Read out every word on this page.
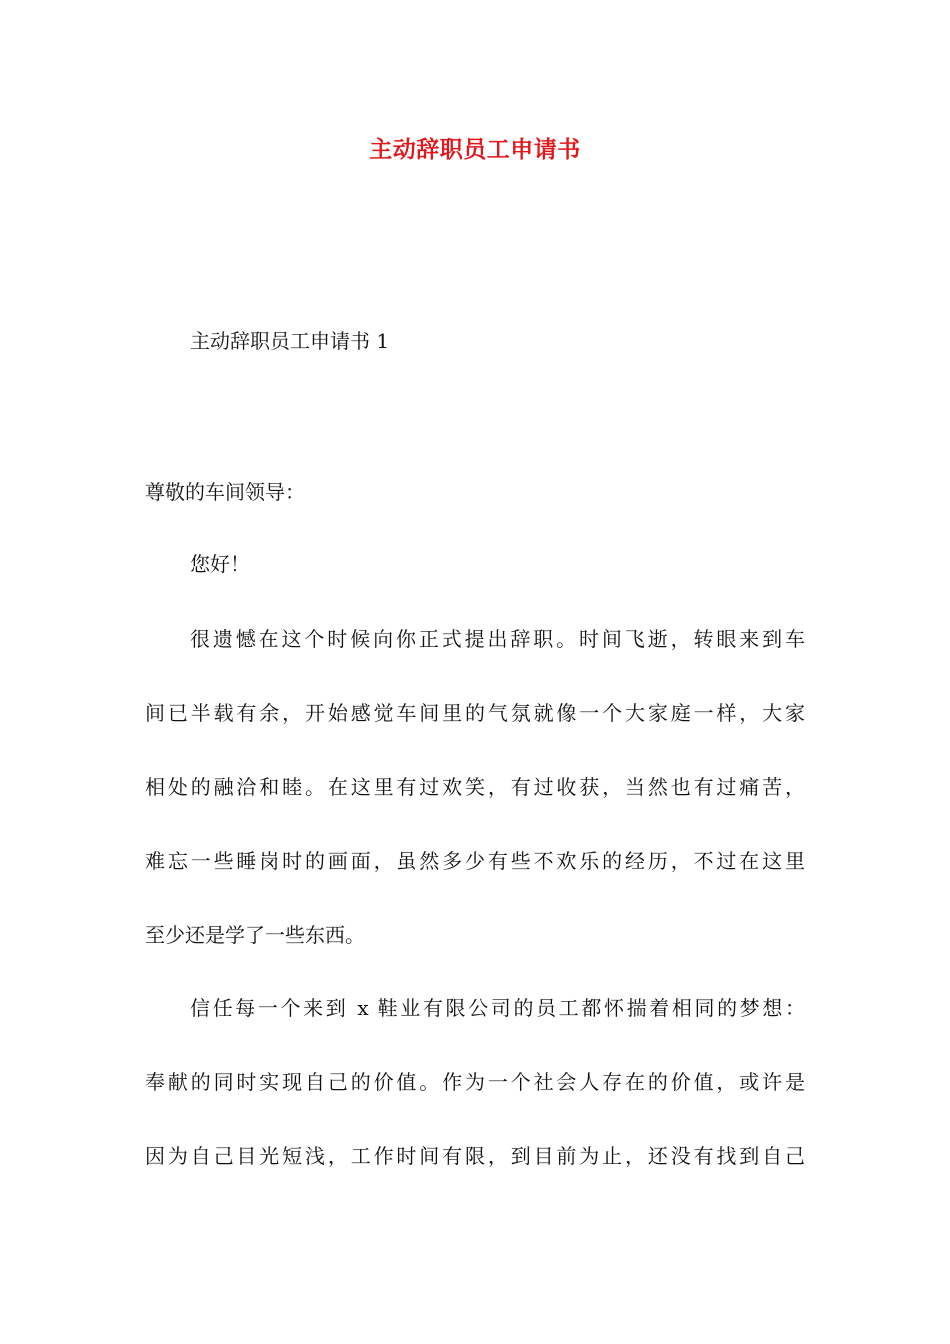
主动辞职员工申请书
主动辞职员工申请书 1
尊敬的车间领导：
您好！
很遗憾在这个时候向你正式提出辞职。时间飞逝，转眼来到车
间已半载有余，开始感觉车间里的气氛就像一个大家庭一样，大家
相处的融洽和睦。在这里有过欢笑，有过收获，当然也有过痛苦，
难忘一些睡岗时的画面，虽然多少有些不欢乐的经历，不过在这里
至少还是学了一些东西。
信任每一个来到 x 鞋业有限公司的员工都怀揣着相同的梦想：
奉献的同时实现自己的价值。作为一个社会人存在的价值，或许是
因为自己目光短浅，工作时间有限，到目前为止，还没有找到自己
